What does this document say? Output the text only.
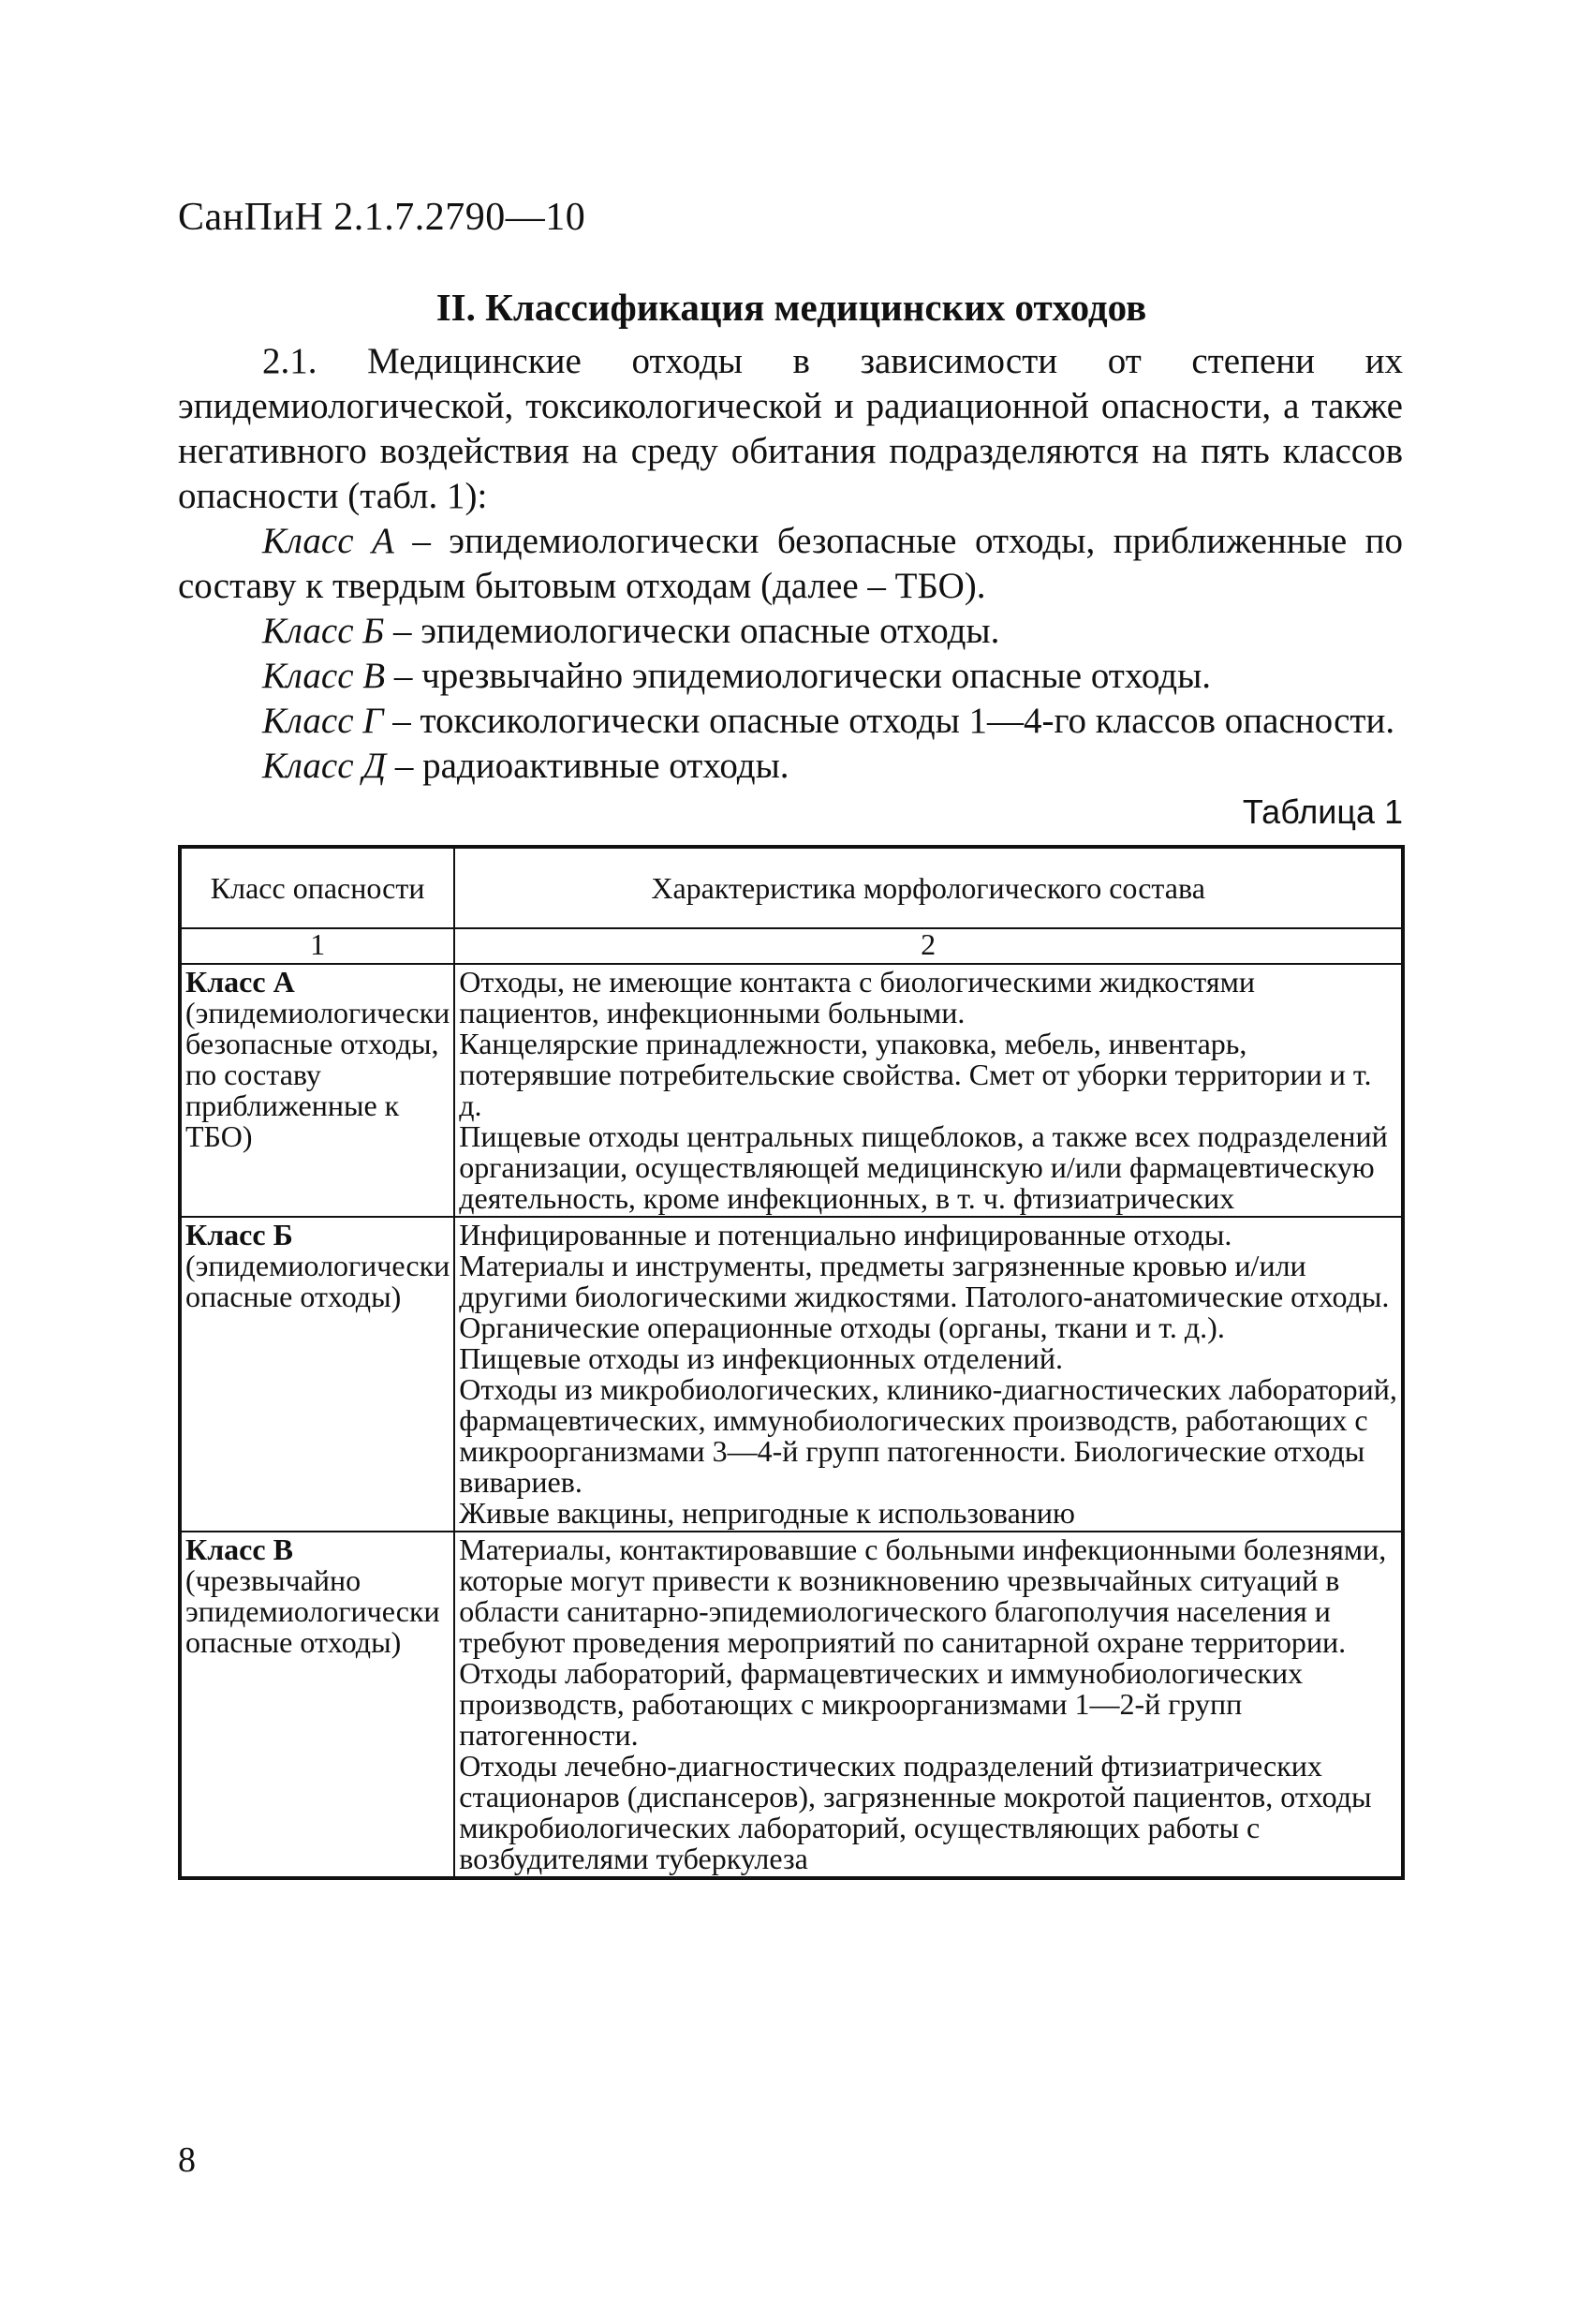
СанПиН 2.1.7.2790—10
II. Классификация медицинских отходов

2.1. Медицинские отходы в зависимости от степени их эпидемиологической, токсикологической и радиационной опасности, а также негативного воздействия на среду обитания подразделяются на пять классов опасности (табл. 1):

Класс А – эпидемиологически безопасные отходы, приближенные по составу к твердым бытовым отходам (далее – ТБО).

Класс Б – эпидемиологически опасные отходы.

Класс В – чрезвычайно эпидемиологически опасные отходы.

Класс Г – токсикологически опасные отходы 1—4-го классов опасности.

Класс Д – радиоактивные отходы.

Таблица 1
Класс опасности	Характеристика морфологического состава
1	2

Класс А
(эпидемиологически безопасные отходы, по составу приближенные к ТБО)	Отходы, не имеющие контакта с биологическими жидкостями пациентов, инфекционными больными.
Канцелярские принадлежности, упаковка, мебель, инвентарь, потерявшие потребительские свойства. Смет от уборки территории и т. д.
Пищевые отходы центральных пищеблоков, а также всех подразделений организации, осуществляющей медицинскую и/или фармацевтическую деятельность, кроме инфекционных, в т. ч. фтизиатрических

Класс Б
(эпидемиологически опасные отходы)	Инфицированные и потенциально инфицированные отходы.
Материалы и инструменты, предметы загрязненные кровью и/или другими биологическими жидкостями. Патолого-анатомические отходы. Органические операционные отходы (органы, ткани и т. д.).
Пищевые отходы из инфекционных отделений.
Отходы из микробиологических, клинико-диагностических лабораторий, фармацевтических, иммунобиологических производств, работающих с микроорганизмами 3—4-й групп патогенности. Биологические отходы вивариев.
Живые вакцины, непригодные к использованию

Класс В
(чрезвычайно эпидемиологически опасные отходы)	Материалы, контактировавшие с больными инфекционными болезнями, которые могут привести к возникновению чрезвычайных ситуаций в области санитарно-эпидемиологического благополучия населения и требуют проведения мероприятий по санитарной охране территории.
Отходы лабораторий, фармацевтических и иммунобиологических производств, работающих с микроорганизмами 1—2-й групп патогенности.
Отходы лечебно-диагностических подразделений фтизиатрических стационаров (диспансеров), загрязненные мокротой пациентов, отходы микробиологических лабораторий, осуществляющих работы с возбудителями туберкулеза
8
